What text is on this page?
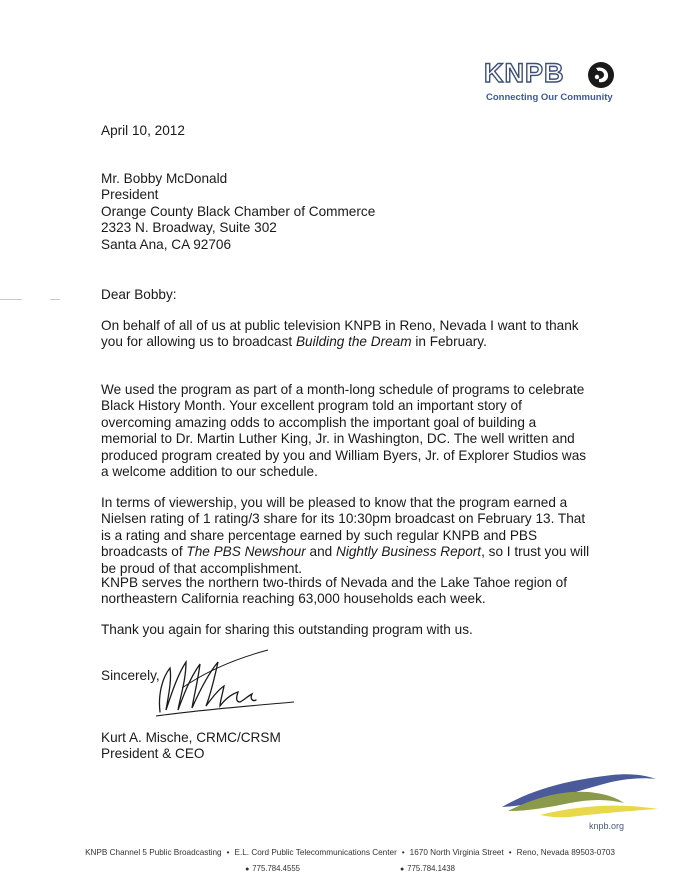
KNPB
Connecting Our Community
April 10, 2012
Mr. Bobby McDonald
President
Orange County Black Chamber of Commerce
2323 N. Broadway, Suite 302
Santa Ana, CA 92706
Dear Bobby:
On behalf of all of us at public television KNPB in Reno, Nevada I want to thank
you for allowing us to broadcast Building the Dream in February.
We used the program as part of a month-long schedule of programs to celebrate
Black History Month. Your excellent program told an important story of
overcoming amazing odds to accomplish the important goal of building a
memorial to Dr. Martin Luther King, Jr. in Washington, DC. The well written and
produced program created by you and William Byers, Jr. of Explorer Studios was
a welcome addition to our schedule.
In terms of viewership, you will be pleased to know that the program earned a
Nielsen rating of 1 rating/3 share for its 10:30pm broadcast on February 13. That
is a rating and share percentage earned by such regular KNPB and PBS
broadcasts of The PBS Newshour and Nightly Business Report, so I trust you will
be proud of that accomplishment.
KNPB serves the northern two-thirds of Nevada and the Lake Tahoe region of
northeastern California reaching 63,000 households each week.
Thank you again for sharing this outstanding program with us.
Sincerely,
Kurt A. Mische, CRMC/CRSM
President & CEO
knpb.org
KNPB Channel 5 Public Broadcasting • E.L. Cord Public Telecommunications Center • 1670 North Virginia Street • Reno, Nevada 89503-0703
● 775.784.4555	● 775.784.1438
